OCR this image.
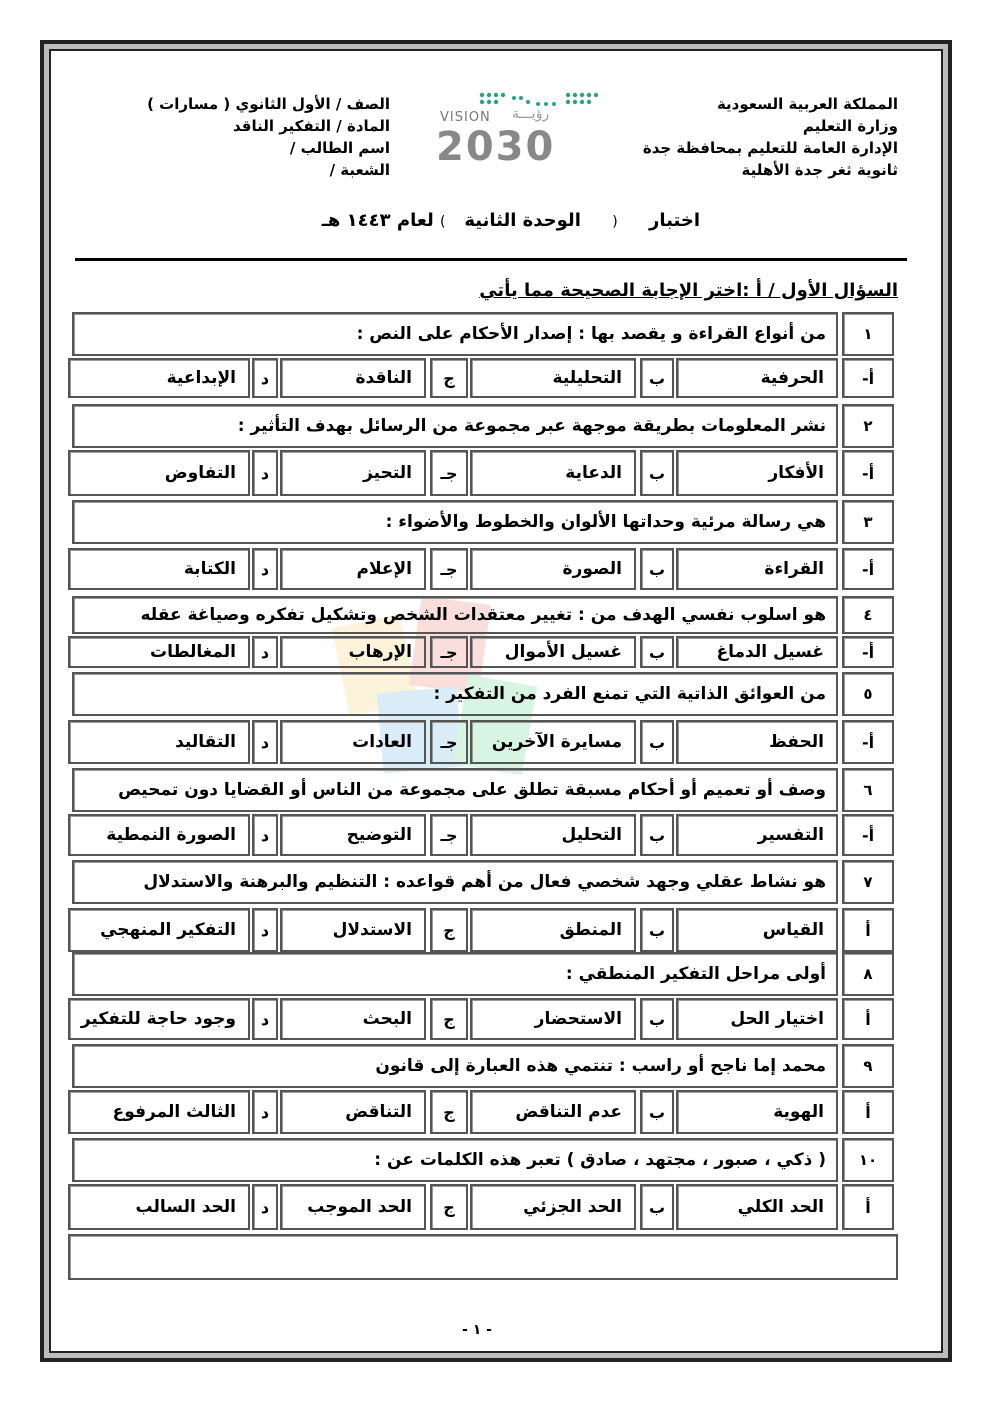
المملكة العربية السعودية
وزارة التعليم
الإدارة العامة للتعليم بمحافظة جدة
ثانوية ثغر جدة الأهلية
VISION رؤيـــة
2030
الصف / الأول الثانوي ( مسارات )
المادة / التفكير الناقد
اسم الطالب /
الشعبة /
اختبار     (     الوحدة الثانية   ) لعام ١٤٤٣ هـ
السؤال الأول / أ :اختر الإجابة الصحيحة مما يأتي
١
من أنواع القراءة و يقصد بها : إصدار الأحكام على النص :
أ-
الحرفية
ب
التحليلية
ج
الناقدة
د
الإبداعية
٢
نشر المعلومات بطريقة موجهة عبر مجموعة من الرسائل بهدف التأثير :
أ-
الأفكار
ب
الدعاية
جـ
التحيز
د
التفاوض
٣
هي رسالة مرئية وحداتها الألوان والخطوط والأضواء :
أ-
القراءة
ب
الصورة
جـ
الإعلام
د
الكتابة
٤
هو اسلوب نفسي الهدف من : تغيير معتقدات الشخص وتشكيل تفكره وصياغة عقله
أ-
غسيل الدماغ
ب
غسيل الأموال
جـ
الإرهاب
د
المغالطات
٥
من العوائق الذاتية التي تمنع الفرد من التفكير :
أ-
الحفظ
ب
مسايرة الآخرين
جـ
العادات
د
التقاليد
٦
وصف أو تعميم أو أحكام مسبقة تطلق على مجموعة من الناس أو القضايا دون تمحيص
أ-
التفسير
ب
التحليل
جـ
التوضيح
د
الصورة النمطية
٧
هو نشاط عقلي وجهد شخصي فعال من أهم قواعده : التنظيم والبرهنة والاستدلال
أ
القياس
ب
المنطق
ج
الاستدلال
د
التفكير المنهجي
٨
أولى مراحل التفكير المنطقي :
أ
اختيار الحل
ب
الاستحضار
ج
البحث
د
وجود حاجة للتفكير
٩
محمد إما ناجح أو راسب : تنتمي هذه العبارة إلى قانون
أ
الهوية
ب
عدم التناقض
ج
التناقض
د
الثالث المرفوع
١٠
( ذكي ، صبور ، مجتهد ، صادق ) تعبر هذه الكلمات عن :
أ
الحد الكلي
ب
الحد الجزئي
ج
الحد الموجب
د
الحد السالب
- ١ -
